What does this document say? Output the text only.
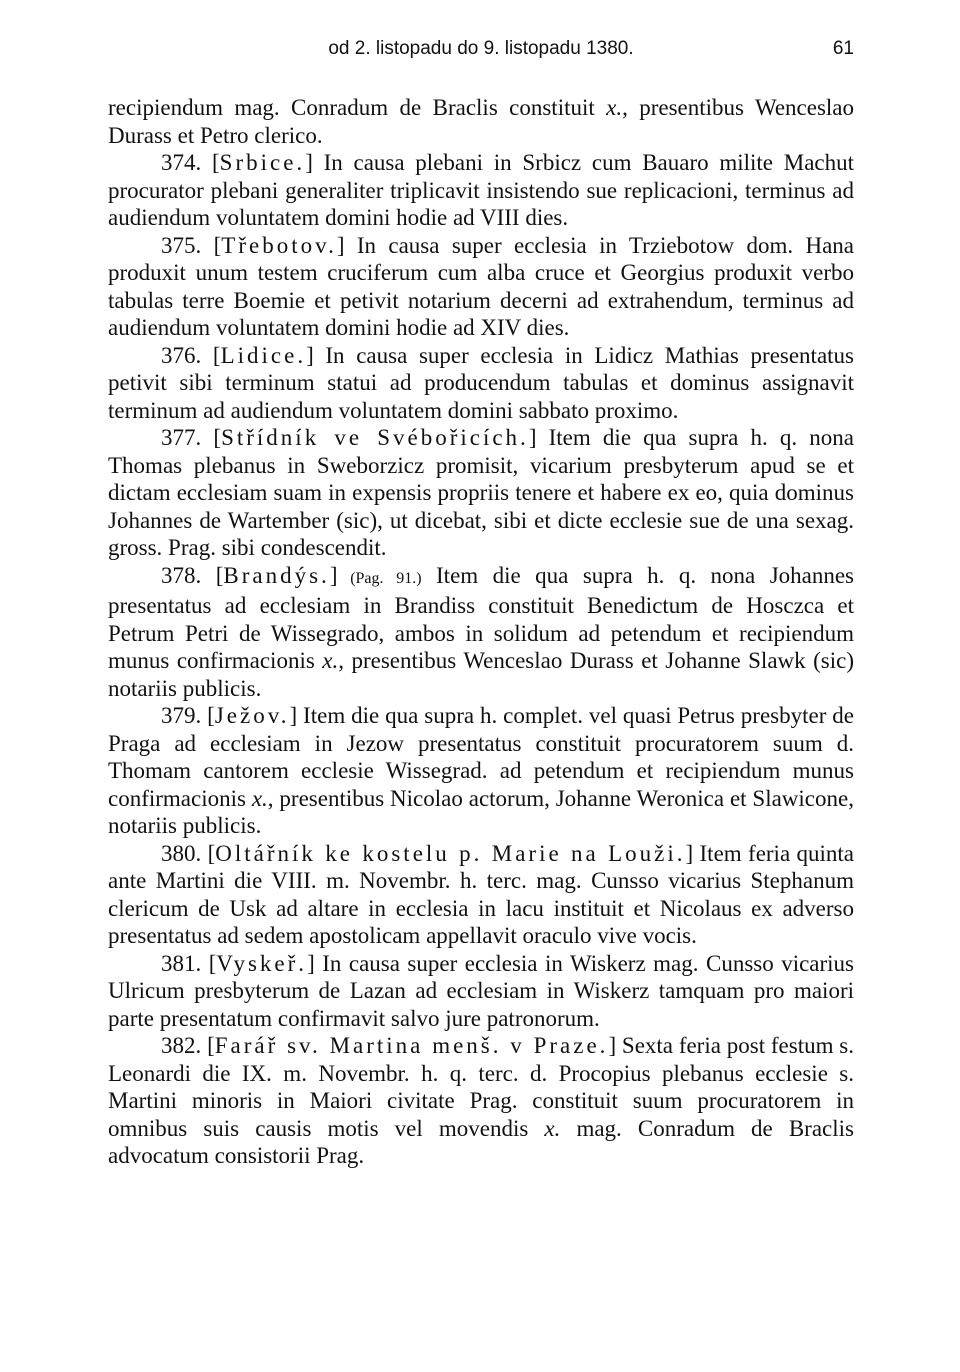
od 2. listopadu do 9. listopadu 1380.	61

recipiendum mag. Conradum de Braclis constituit x., presentibus Wenceslao Durass et Petro clerico.

374. [Srbice.] In causa plebani in Srbicz cum Bauaro milite Machut procurator plebani generaliter triplicavit insistendo sue replicacioni, terminus ad audiendum voluntatem domini hodie ad VIII dies.

375. [Třebotov.] In causa super ecclesia in Trziebotow dom. Hana produxit unum testem cruciferum cum alba cruce et Georgius produxit verbo tabulas terre Boemie et petivit notarium decerni ad extrahendum, terminus ad audiendum voluntatem domini hodie ad XIV dies.

376. [Lidice.] In causa super ecclesia in Lidicz Mathias presentatus petivit sibi terminum statui ad producendum tabulas et dominus assignavit terminum ad audiendum voluntatem domini sabbato proximo.

377. [Střídník ve Svébořicích.] Item die qua supra h. q. nona Thomas plebanus in Sweborzicz promisit, vicarium presbyterum apud se et dictam ecclesiam suam in expensis propriis tenere et habere ex eo, quia dominus Johannes de Wartember (sic), ut dicebat, sibi et dicte ecclesie sue de una sexag. gross. Prag. sibi condescendit.

378. [Brandýs.] (Pag. 91.) Item die qua supra h. q. nona Johannes presentatus ad ecclesiam in Brandiss constituit Benedictum de Hosczca et Petrum Petri de Wissegrado, ambos in solidum ad petendum et recipiendum munus confirmacionis x., presentibus Wenceslao Durass et Johanne Slawk (sic) notariis publicis.

379. [Ježov.] Item die qua supra h. complet. vel quasi Petrus presbyter de Praga ad ecclesiam in Jezow presentatus constituit procuratorem suum d. Thomam cantorem ecclesie Wissegrad. ad petendum et recipiendum munus confirmacionis x., presentibus Nicolao actorum, Johanne Weronica et Slawicone, notariis publicis.

380. [Oltářník ke kostelu p. Marie na Louži.] Item feria quinta ante Martini die VIII. m. Novembr. h. terc. mag. Cunsso vicarius Stephanum clericum de Usk ad altare in ecclesia in lacu instituit et Nicolaus ex adverso presentatus ad sedem apostolicam appellavit oraculo vive vocis.

381. [Vyskeř.] In causa super ecclesia in Wiskerz mag. Cunsso vicarius Ulricum presbyterum de Lazan ad ecclesiam in Wiskerz tamquam pro maiori parte presentatum confirmavit salvo jure patronorum.

382. [Farář sv. Martina menš. v Praze.] Sexta feria post festum s. Leonardi die IX. m. Novembr. h. q. terc. d. Procopius plebanus ecclesie s. Martini minoris in Maiori civitate Prag. constituit suum procuratorem in omnibus suis causis motis vel movendis x. mag. Conradum de Braclis advocatum consistorii Prag.
